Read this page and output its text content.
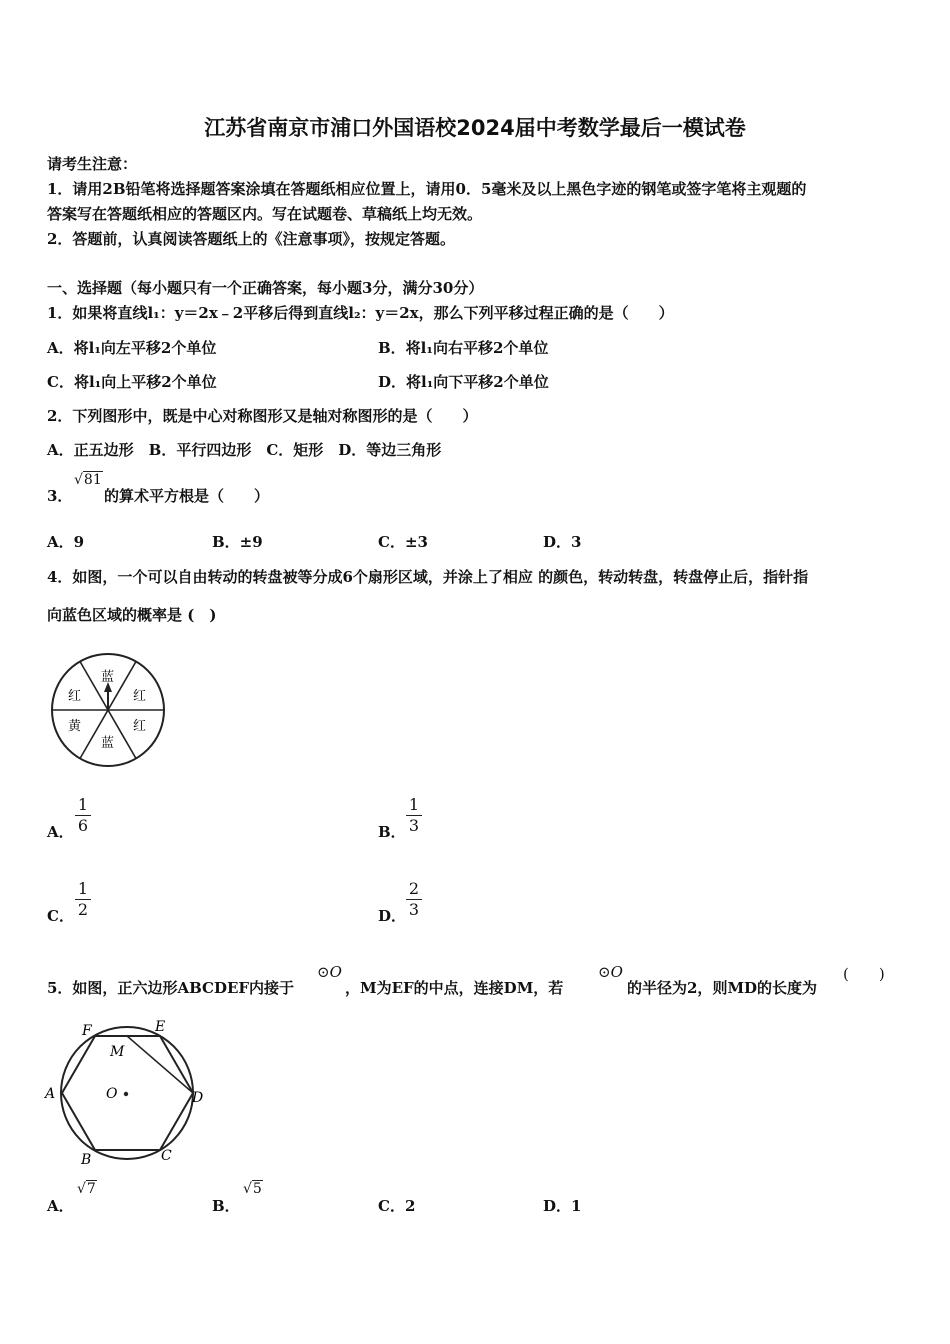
江苏省南京市浦口外国语校2024届中考数学最后一模试卷
请考生注意：
1．请用2B铅笔将选择题答案涂填在答题纸相应位置上，请用0．5毫米及以上黑色字迹的钢笔或签字笔将主观题的
答案写在答题纸相应的答题区内。写在试题卷、草稿纸上均无效。
2．答题前，认真阅读答题纸上的《注意事项》，按规定答题。
一、选择题（每小题只有一个正确答案，每小题3分，满分30分）
1．如果将直线l₁：y＝2x﹣2平移后得到直线l₂：y＝2x，那么下列平移过程正确的是（　　）
A．将l₁向左平移2个单位	B．将l₁向右平移2个单位
C．将l₁向上平移2个单位	D．将l₁向下平移2个单位
2．下列图形中，既是中心对称图形又是轴对称图形的是（　　）
A．正五边形　B．平行四边形　C．矩形　D．等边三角形
3．
√81
的算术平方根是（　　）
A．9	B．±9	C．±3	D．3
4．如图，一个可以自由转动的转盘被等分成6个扇形区域，并涂上了相应 的颜色，转动转盘，转盘停止后，指针指
向蓝色区域的概率是 (　)
蓝
红
红
蓝
黄
红
A．
1
6	B．
1
3
C．
1
2	D．
2
3
5．如图，正六边形ABCDEF内接于
⊙O
，M为EF的中点，连接DM，若
⊙O
的半径为2，则MD的长度为
(　　)
F	E
M
A	O	D
B	C
A．
√7
B．
√5
C．2	D．1
